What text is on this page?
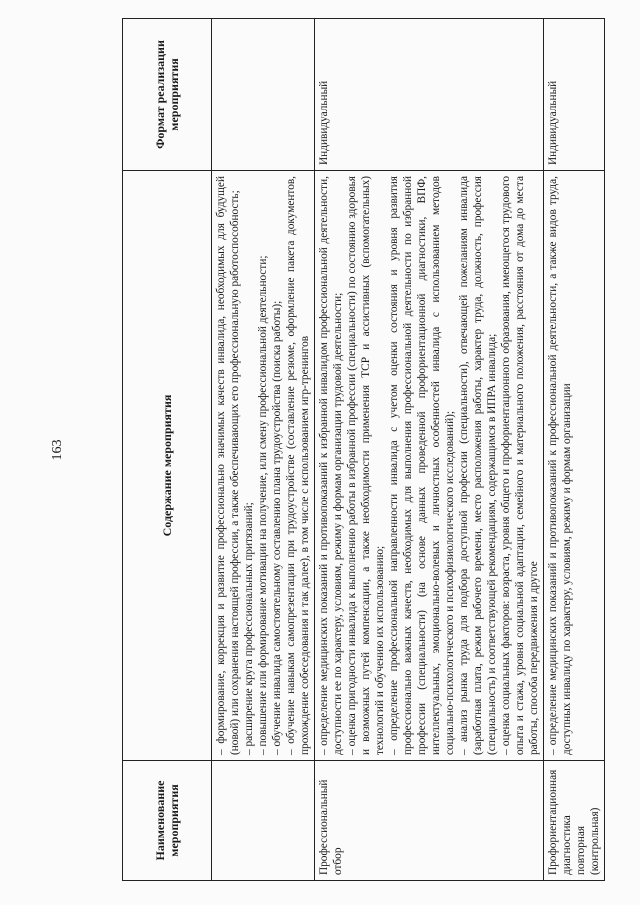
163
Наименование мероприятия	Содержание мероприятия	Формат реализации мероприятия

	– формирование, коррекция и развитие профессионально значимых качеств инвалида, необходимых для будущей (новой) или сохранения настоящей профессии, а также обеспечивающих его профессиональную работоспособность; – расширение круга профессиональных притязаний; – повышение или формирование мотивации на получение, или смену профессиональной деятельности; – обучение инвалида самостоятельному составлению плана трудоустройства (поиска работы); – обучение навыкам самопрезентации при трудоустройстве (составление резюме, оформление пакета документов, прохождение собеседования и так далее), в том числе с использованием игр-тренингов	

Профессиональный отбор	– определение медицинских показаний и противопоказаний к избранной инвалидом профессиональной деятельности, доступности ее по характеру, условиям, режиму и формам организации трудовой деятельности; – оценка пригодности инвалида к выполнению работы в избранной профессии (специальности) по состоянию здоровья и возможных путей компенсации, а также необходимости применения ТСР и ассистивных (вспомогательных) технологий и обучению их использованию; – определение профессиональной направленности инвалида с учетом оценки состояния и уровня развития профессионально важных качеств, необходимых для выполнения профессиональной деятельности по избранной профессии (специальности) (на основе данных проведенной профориентационной диагностики, ВПФ, интеллектуальных, эмоционально-волевых и личностных особенностей инвалида с использованием методов социально-психологического и психофизиологического исследований); – анализ рынка труда для подбора доступной профессии (специальности), отвечающей пожеланиям инвалида (заработная плата, режим рабочего времени, место расположения работы, характер труда, должность, профессия (специальность) и соответствующей рекомендациям, содержащимся в ИПРА инвалида; – оценка социальных факторов: возраста, уровня общего и профориентационного образования, имеющегося трудового опыта и стажа, уровня социальной адаптации, семейного и материального положения, расстояния от дома до места работы, способа передвижения и другое	Индивидуальный
Профориентационная диагностика повторная (контрольная)	– определение медицинских показаний и противопоказаний к профессиональной деятельности, а также видов труда, доступных инвалиду по характеру, условиям, режиму и формам организации	Индивидуальный
